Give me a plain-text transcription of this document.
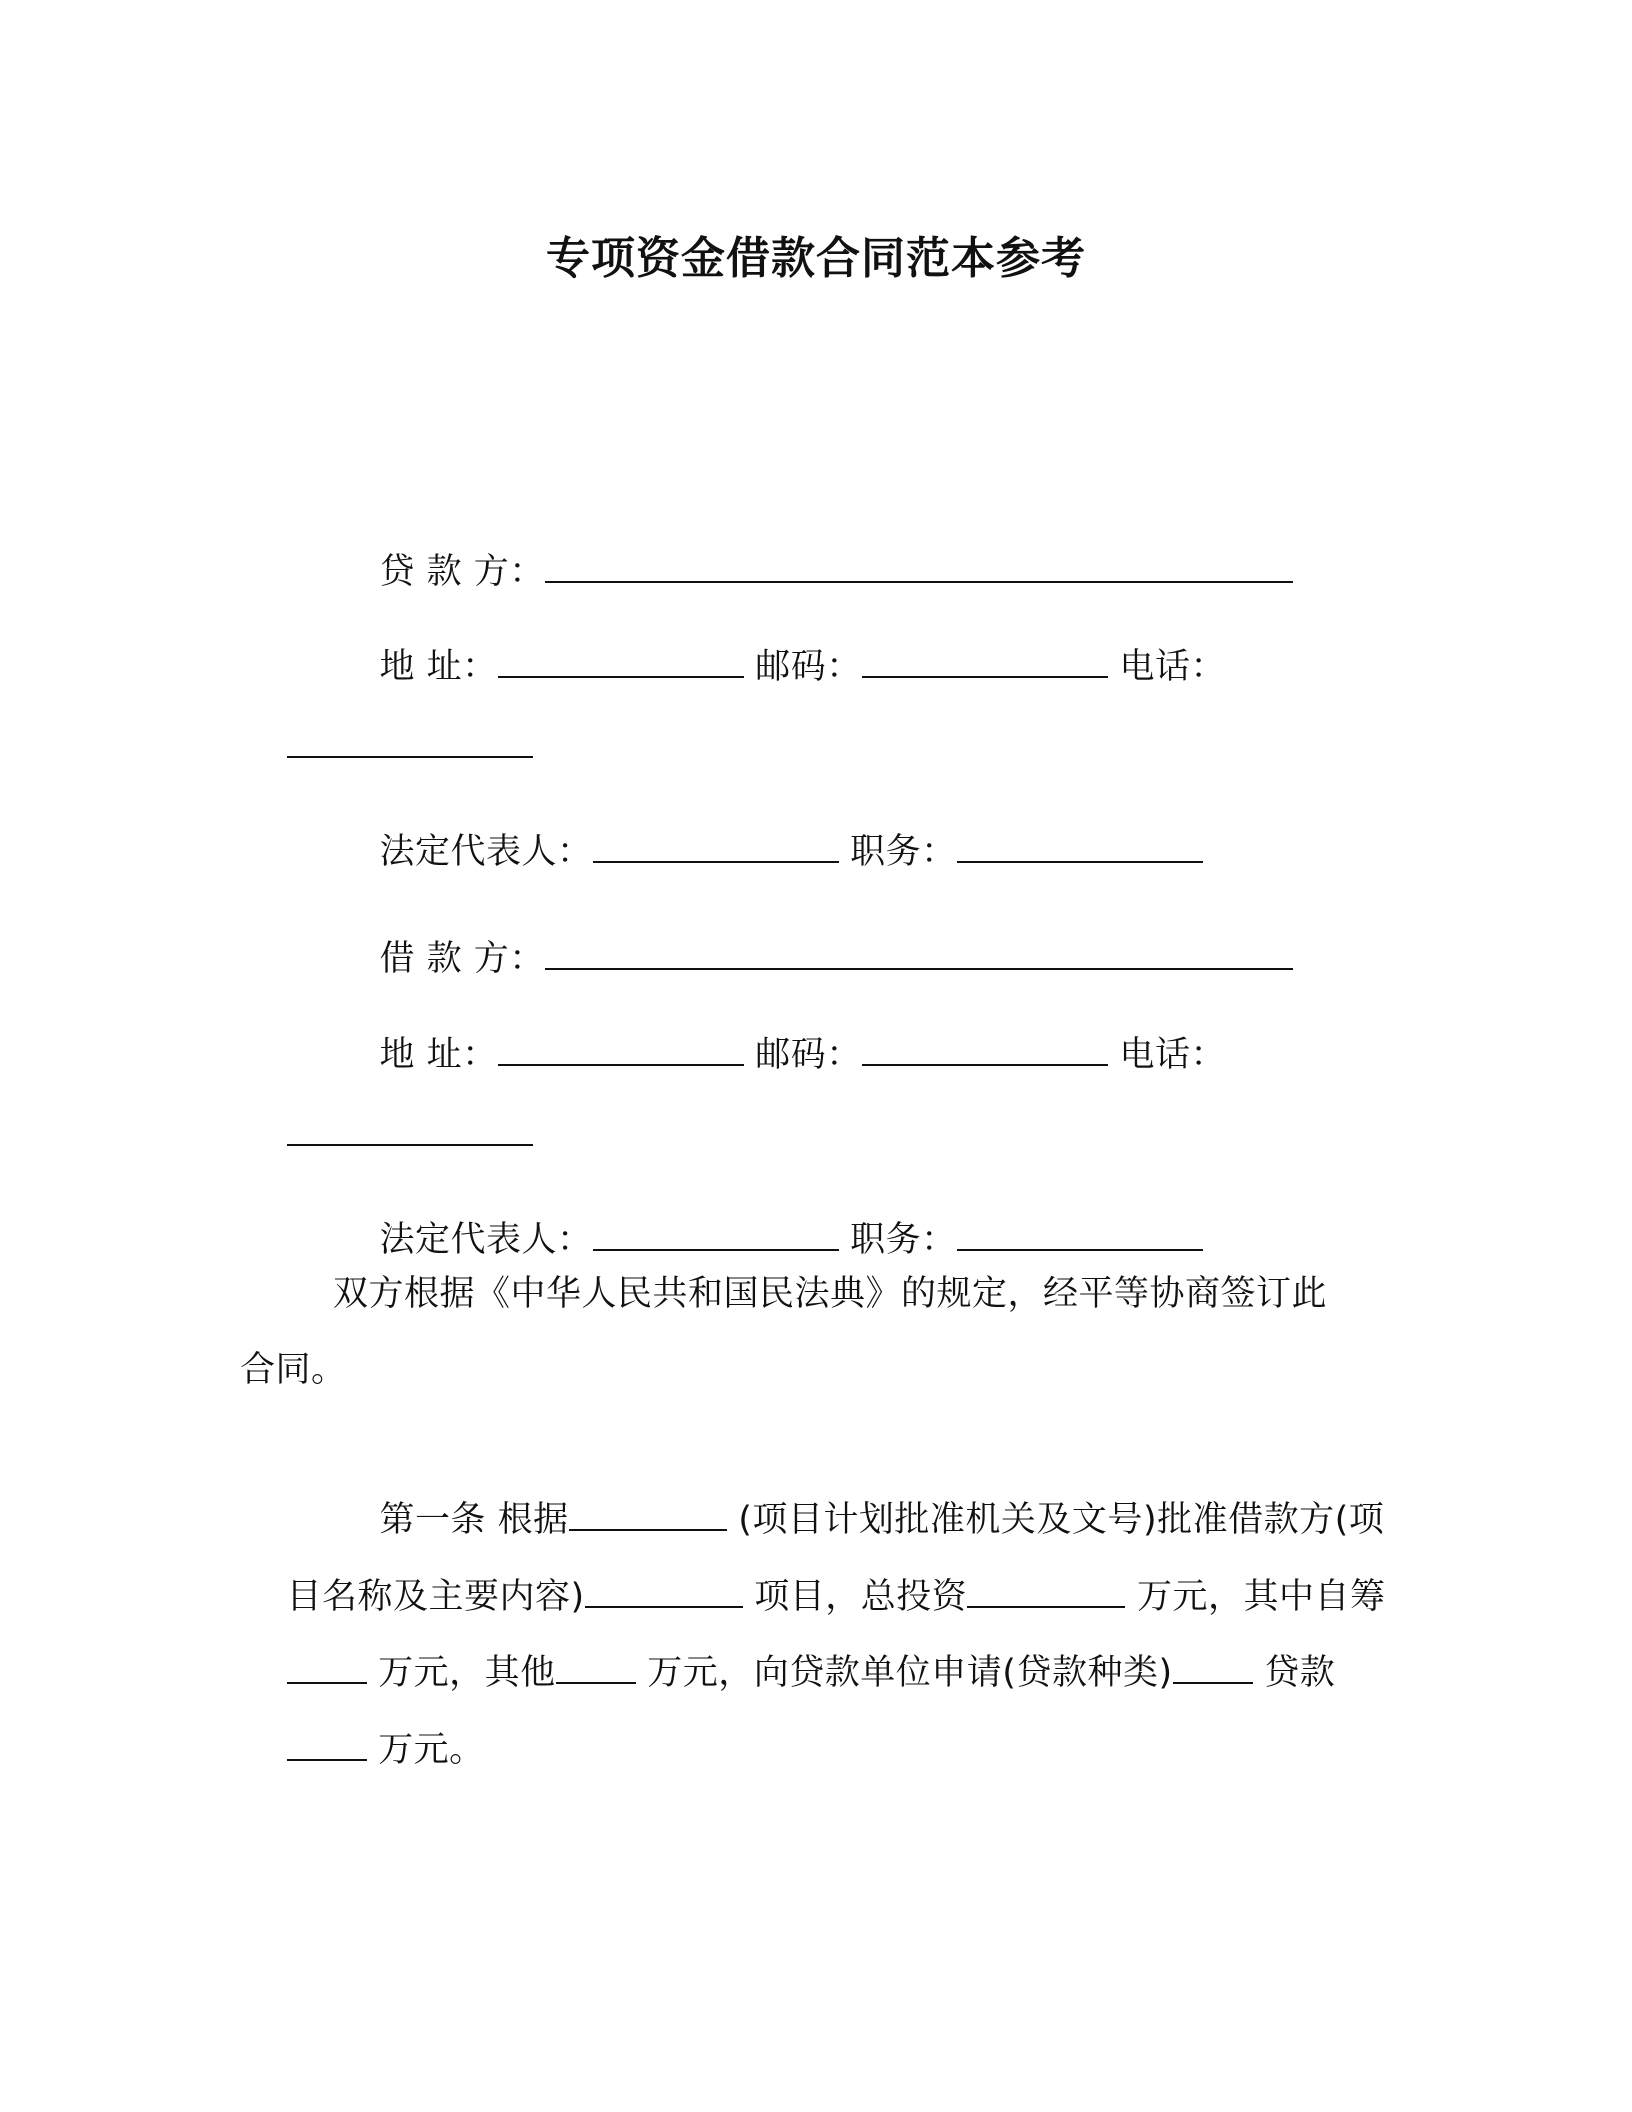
专项资金借款合同范本参考

贷 款 方：

地 址：	邮码：	电话：

法定代表人：	职务：

借 款 方：

地 址：	邮码：	电话：

法定代表人：	职务：

双方根据《中华人民共和国民法典》的规定，经平等协商签订此
合同。

第一条 根据	(项目计划批准机关及文号)批准借款方(项

目名称及主要内容)	项目，总投资	万元，其中自筹

万元，其他 万元，向贷款单位申请(贷款种类) 贷款

万元。
